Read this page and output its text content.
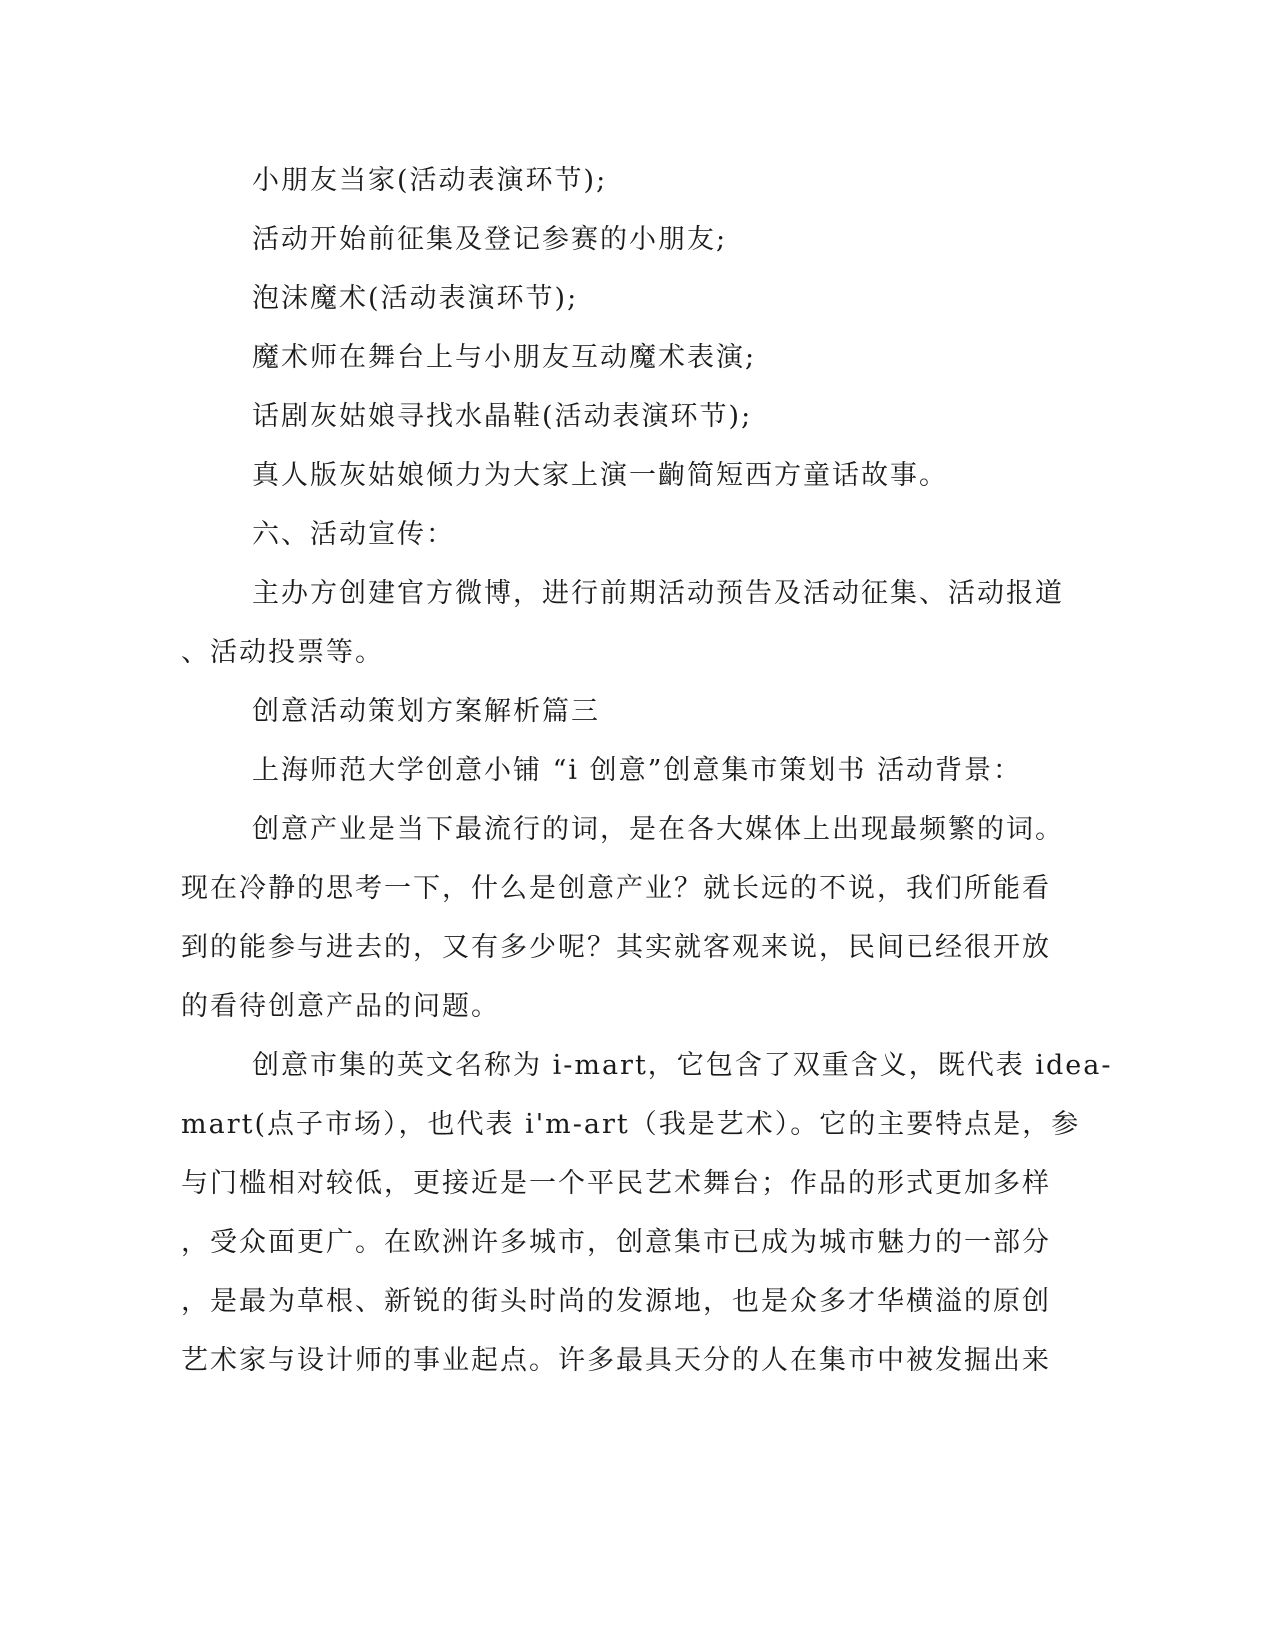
小朋友当家(活动表演环节);

活动开始前征集及登记参赛的小朋友;

泡沫魔术(活动表演环节);

魔术师在舞台上与小朋友互动魔术表演;

话剧灰姑娘寻找水晶鞋(活动表演环节);

真人版灰姑娘倾力为大家上演一齣简短西方童话故事。

六、活动宣传：

主办方创建官方微博，进行前期活动预告及活动征集、活动报道

、活动投票等。

创意活动策划方案解析篇三

上海师范大学创意小铺 “i 创意”创意集市策划书 活动背景：

创意产业是当下最流行的词，是在各大媒体上出现最频繁的词。

现在冷静的思考一下，什么是创意产业？就长远的不说，我们所能看

到的能参与进去的，又有多少呢？其实就客观来说，民间已经很开放

的看待创意产品的问题。

创意市集的英文名称为 i-mart，它包含了双重含义，既代表 idea-

mart(点子市场），也代表 i'm-art（我是艺术）。它的主要特点是，参

与门槛相对较低，更接近是一个平民艺术舞台；作品的形式更加多样

，受众面更广。在欧洲许多城市，创意集市已成为城市魅力的一部分

，是最为草根、新锐的街头时尚的发源地，也是众多才华横溢的原创

艺术家与设计师的事业起点。许多最具天分的人在集市中被发掘出来
